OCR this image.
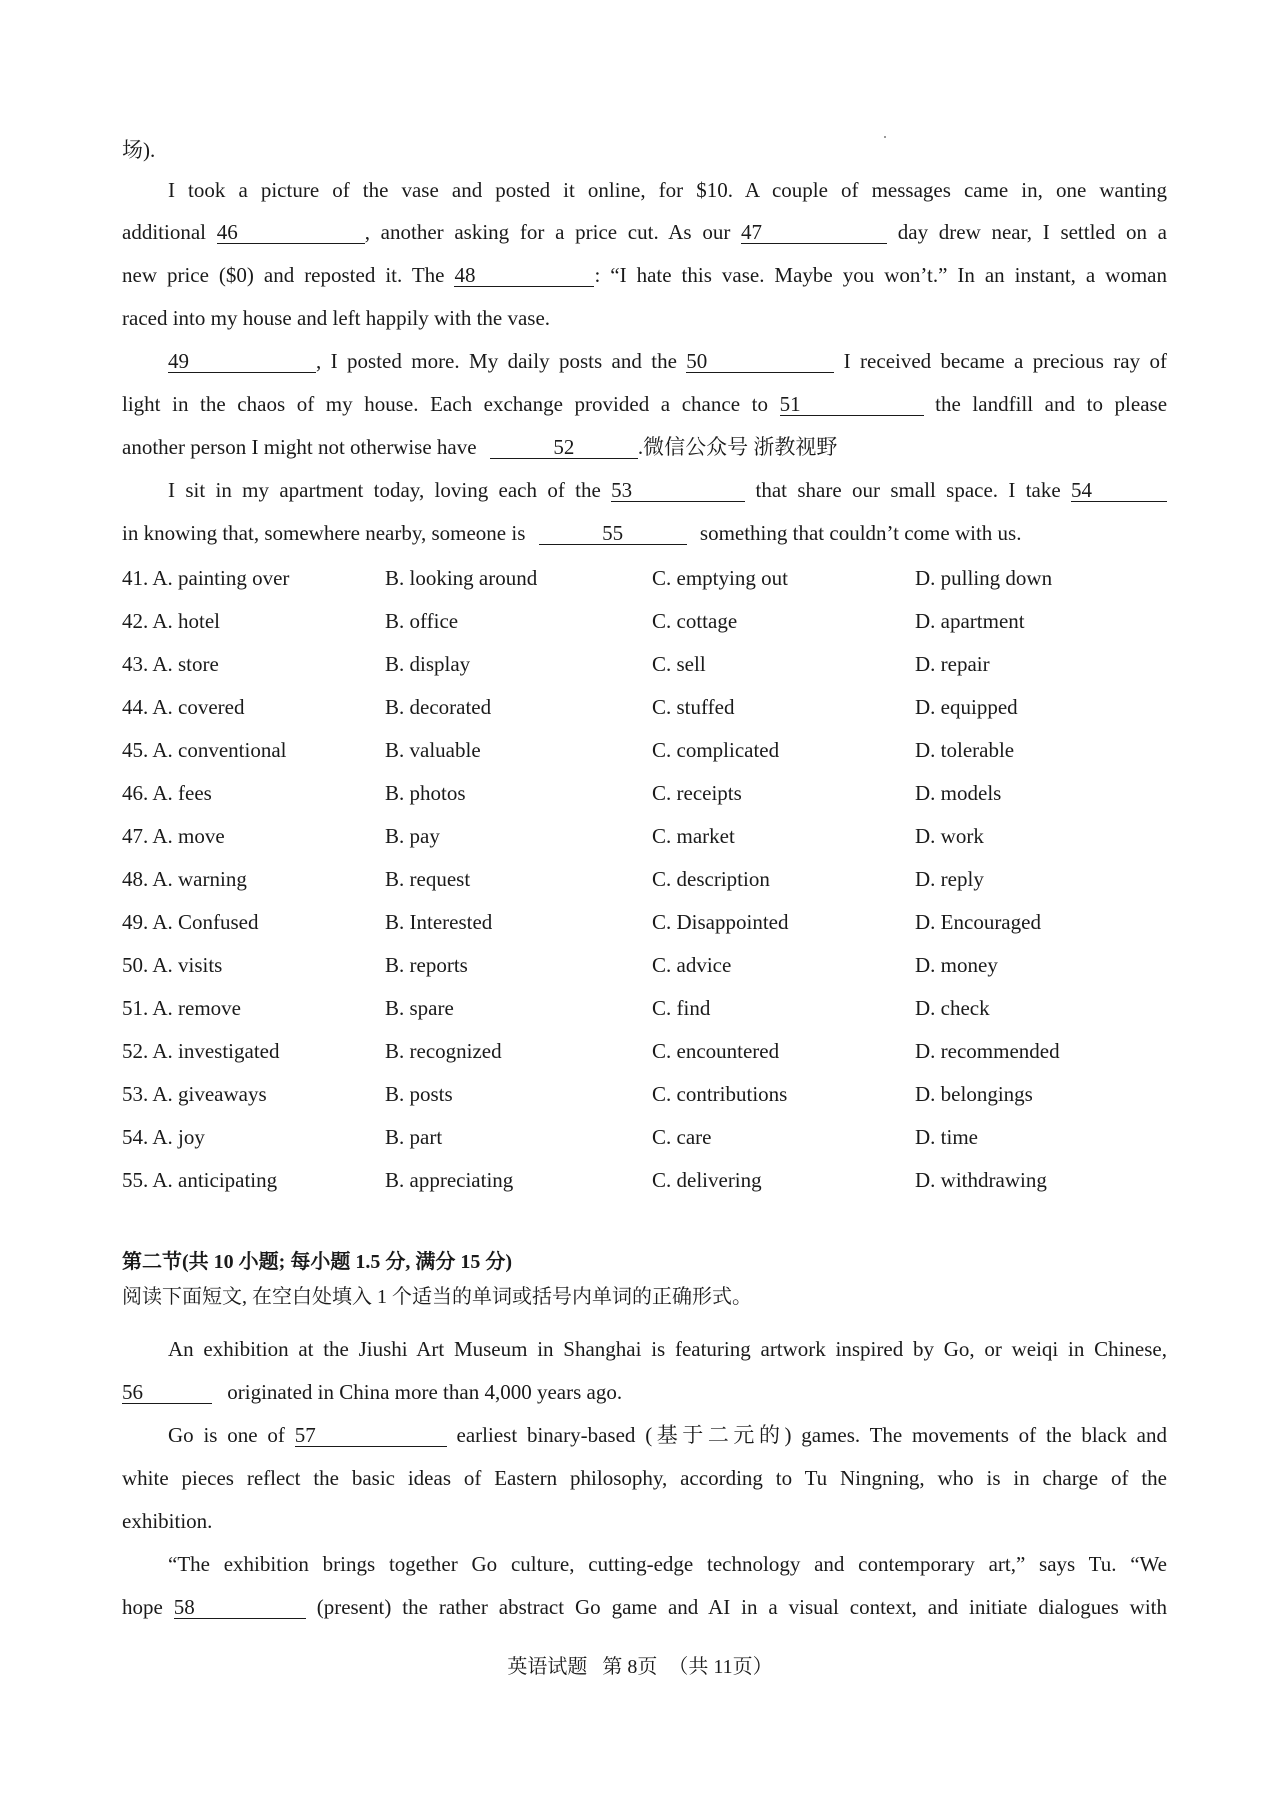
场).
I took a picture of the vase and posted it online, for $10. A couple of messages came in, one wanting
additional 46	, another asking for a price cut. As our 47	day drew near, I settled on a
new price ($0) and reposted it. The 48	: “I hate this vase. Maybe you won’t.” In an instant, a woman
raced into my house and left happily with the vase.
49	, I posted more. My daily posts and the 50	I received became a precious ray of
light in the chaos of my house. Each exchange provided a chance to 51	the landfill and to please
another person I might not otherwise have	52	.微信公众号 浙教视野
I sit in my apartment today, loving each of the 53	that share our small space. I take 54
in knowing that, somewhere nearby, someone is	55	something that couldn’t come with us.
41. A. painting over	B. looking around	C. emptying out	D. pulling down
42. A. hotel	B. office	C. cottage	D. apartment
43. A. store	B. display	C. sell	D. repair
44. A. covered	B. decorated	C. stuffed	D. equipped
45. A. conventional	B. valuable	C. complicated	D. tolerable
46. A. fees	B. photos	C. receipts	D. models
47. A. move	B. pay	C. market	D. work
48. A. warning	B. request	C. description	D. reply
49. A. Confused	B. Interested	C. Disappointed	D. Encouraged
50. A. visits	B. reports	C. advice	D. money
51. A. remove	B. spare	C. find	D. check
52. A. investigated	B. recognized	C. encountered	D. recommended
53. A. giveaways	B. posts	C. contributions	D. belongings
54. A. joy	B. part	C. care	D. time
55. A. anticipating	B. appreciating	C. delivering	D. withdrawing
第二节(共 10 小题; 每小题 1.5 分, 满分 15 分)
阅读下面短文, 在空白处填入 1 个适当的单词或括号内单词的正确形式。
An exhibition at the Jiushi Art Museum in Shanghai is featuring artwork inspired by Go, or weiqi in Chinese,
56	originated in China more than 4,000 years ago.
Go is one of 57	earliest binary-based (基于二元的) games. The movements of the black and
white pieces reflect the basic ideas of Eastern philosophy, according to Tu Ningning, who is in charge of the
exhibition.
“The exhibition brings together Go culture, cutting-edge technology and contemporary art,” says Tu. “We
hope 58	(present) the rather abstract Go game and AI in a visual context, and initiate dialogues with
英语试题 第 8页 （共 11页）
